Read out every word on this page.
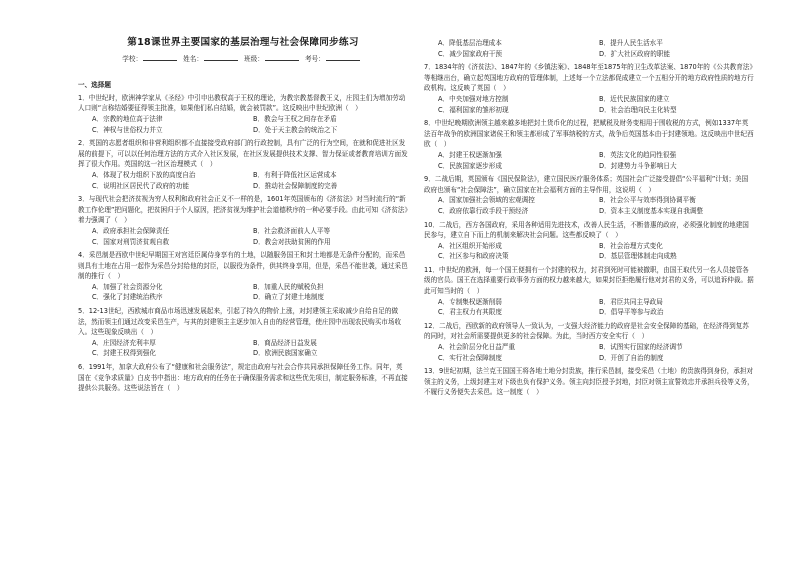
第18课世界主要国家的基层治理与社会保障同步练习
学校：	姓名：	班级：	考号：
一、选择题
1．中世纪时，欧洲神学家从《圣经》中引申出教权高于王权的理论，为教宗教基督教王义，庄园主们为增加劳动人口则“言称结婚要征得领主批准，如果他们私自结婚，就会被罚款”。这反映出中世纪欧洲（　）
A．宗教的地位高于法律	B．教会与王权之间存在矛盾
C．神权与世俗权力并立	D．处于天主教会的统治之下
2．英国的志愿者组织和非营利组织都不直接接受政府部门的行政控制，具有广泛的行为空间，在就和促进社区发展的前提下，可以以任何治理方法的方式介入社区发展，在社区发展提供技术支撑、智力保证或者教育培训方面发挥了很大作用。英国的这一社区治理模式（　）
A．体现了权力组织下放的高度自治	B．有利于降低社区运营成本
C．说明社区居民代了政府的功能	D．推动社会保障制度的完善
3．与现代社会把济贫视为穷人权利和政府社会正义不一样的是，1601年英国颁布的《济贫法》对当时流行的“新教工作伦理”把问题化，把贫困归于个人原因，把济贫视为维护社会道德秩序的一种必要手段。由此可知《济贫法》着力强调了（　）
A．政府承担社会保障责任	B．社会救济面前人人平等
C．国家对刑罚济贫观自救	D．教会对扶助贫困的作用
4．采邑制是西欧中世纪早期国王对宫廷臣属侍身享有的土地，以随服务国王和封土地都是无条件分配的，而采邑则具有土地在占用一起作为采邑分封给他的封臣，以服役为条件，供其终身享用，但是，采邑不能世袭，通过采邑制的推行（　）
A．加强了社会资源分化	B．加重人民的赋税负担
C．强化了封建统治秩序	D．确立了封建土地制度
5．12-13世纪，西欧城市商品市场迅速发展起来，引起了持久的物价上涨，对封建领主采取减少自给自足的做法，然而领主们通过改变采邑生产，与其的封建领主主逐步加入自由的经营管理，使庄园中出现农民购买市场收入。这些现象反映出（　）
A．庄园经济充利丰厚	B．商品经济日益发展
C．封建王权得到强化	D．欧洲民族国家确立
6．1991年，加拿大政府公布了“健康和社会服务法”，规定由政府与社会合作共同承担保障任务工作。同年，英国在《竞争求质量》白皮书中指出：地方政府的任务在于确保服务需求和这些优先项目，制定服务标准，不再直接提供公共服务。这些说法旨在（　）
A．降低基层治理成本	B．提升人民生活水平
C．减少国家政府干预	D．扩大社区政府的职能
7．1834年的《济贫法》、1847年的《乡镇法案》、1848年至1875年的卫生改革法案、1870年的《公共教育法》等相继出台，确立起英国地方政府的管理体制，上述每一个立法都促成建立一个五相分开的地方政府性质的地方行政机构。这反映了英国（　）
A．中央加强对地方控制	B．近代民族国家的建立
C．福利国家的雏形初现	D．社会治理向民主化转型
8．中世纪晚期欧洲领主越来越多地把封土货币化的过程，把赋税及财务变相用于围收税的方式，例如1337年英法百年战争的欧洲国家诸侯王和领主都形成了军事纳税的方式，战争后英国基本由于封建领地。这反映出中世纪西欧（　）
A．封建王权逐渐加强	B．英法文化的趋同性很强
C．民族国家逐步形成	D．封建势力斗争影响日大
9．二战后期，英国颁布《国民保险法》，建立国民医疗服务体系；英国社会广泛接受提倡“公平福利”计划；美国政府也颁布“社会保障法”，确立国家在社会福利方面的主导作用，这说明（　）
A．国家加强社会领域的宏观调控	B．社会公平与效率得到协调平衡
C．政府依靠行政手段干预经济	D．资本主义制度基本实现自我调整
10．二战后，西方各国政府，采用各种适用先进技术，改善人民生活，不断普惠的政府，必须强化制度的地建国民参与，建立自下而上的机制来解决社会问题。这些都反映了（　）
A．社区组织开始形成	B．社会治理方式变化
C．社区参与和政府决策	D．基层管理体制走向成熟
11．中世纪的欧洲，每一个国王便拥有一个封建的权力，封君到死时可能被撤职，由国王取代另一名人员接管各级的官员。国王在选择重要行政事务方面的权力越来越大，如果封臣拒绝履行他对封君的义务，可以追诉仲裁。据此可知当时的（　）
A．专制集权逐渐削弱	B．君臣共同主导政局
C．君主权力有其限度	D．倡导平等参与政治
12．二战后，西欧新的政府领导人一致认为，一支强大经济能力的政府是社会安全保障的基础，在经济得到复苏的同时，对社会所需要提供更多的社会保障。为此，当时西方安全实行（　）
A．社会阶层分化日益严重	B．试图实行国家的经济调节
C．实行社会保障制度	D．开创了自治的制度
13．9世纪初期，法兰克王国国王将各地土地分封贵族，推行采邑制，接受采邑（土地）的贵族得到身份，承担对领主的义务，上级封建主对下级也负有保护义务。领主向封臣授予封地，封臣对领主宣誓效忠并承担兵役等义务，不履行义务便失去采邑。这一制度（　）
